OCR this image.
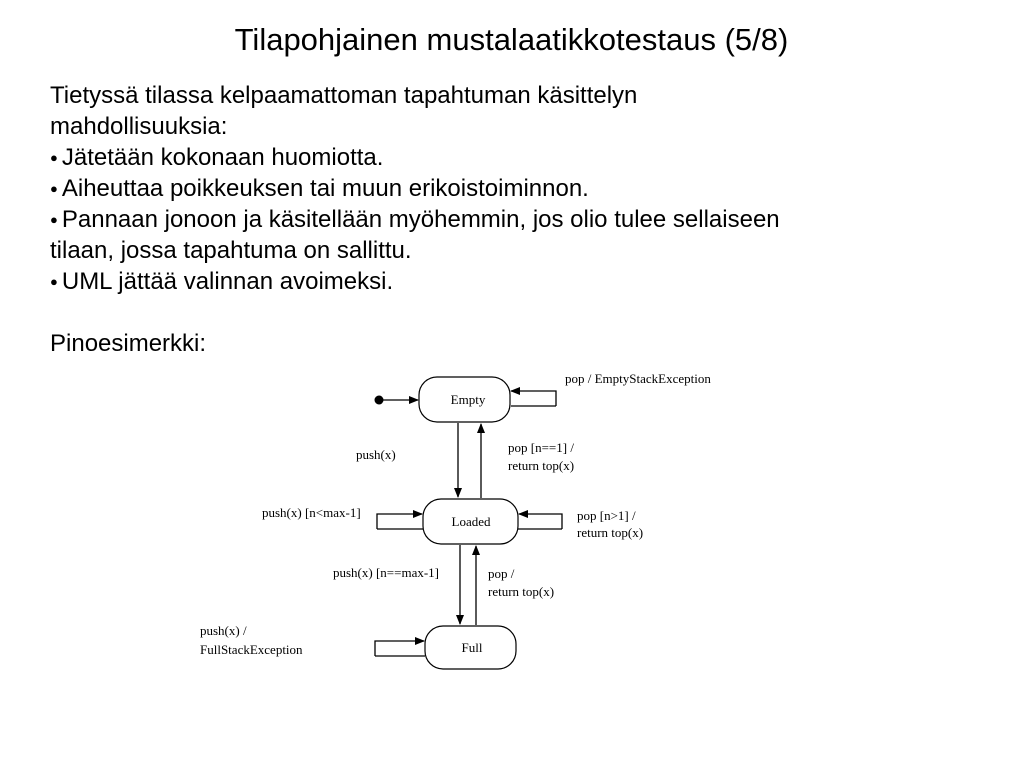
Tilapohjainen mustalaatikkotestaus (5/8)

Tietyssä tilassa kelpaamattoman tapahtuman käsittelyn

mahdollisuuksia:

● Jätetään kokonaan huomiotta.

● Aiheuttaa poikkeuksen tai muun erikoistoiminnon.

● Pannaan jonoon ja käsitellään myöhemmin, jos olio tulee sellaiseen

tilaan, jossa tapahtuma on sallittu.

● UML jättää valinnan avoimeksi.

Pinoesimerkki:

Empty
Loaded
Full
pop / EmptyStackException
push(x)	pop [n==1] /
return top(x)
push(x) [n<max-1]	pop [n>1] /
return top(x)
push(x) [n==max-1]	pop /
return top(x)
push(x) /
FullStackException
